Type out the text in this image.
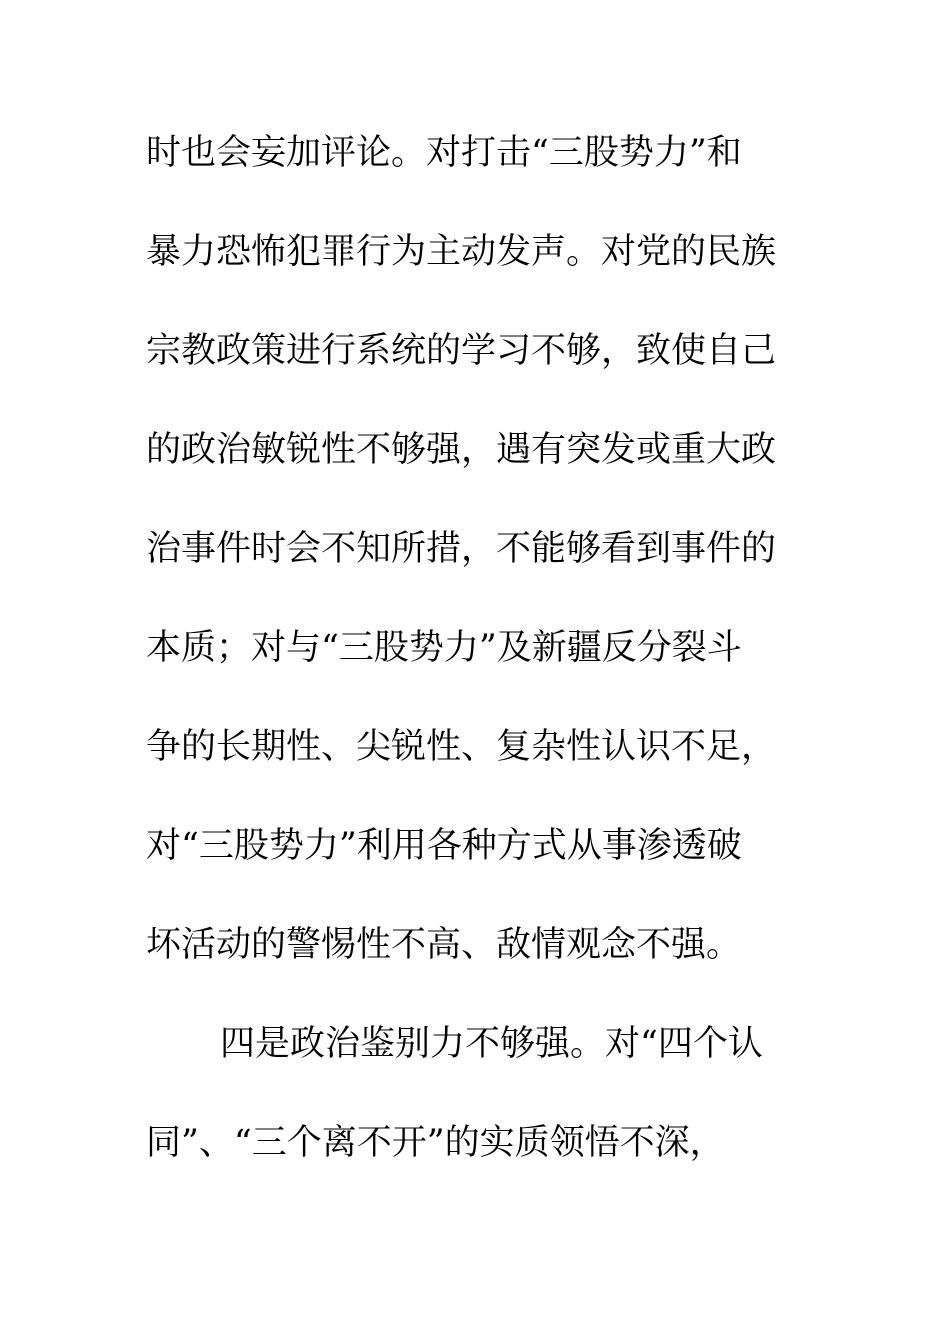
时也会妄加评论。对打击“三股势力”和
暴力恐怖犯罪行为主动发声。对党的民族
宗教政策进行系统的学习不够，致使自己
的政治敏锐性不够强，遇有突发或重大政
治事件时会不知所措，不能够看到事件的
本质；对与“三股势力”及新疆反分裂斗
争的长期性、尖锐性、复杂性认识不足，
对“三股势力”利用各种方式从事渗透破
坏活动的警惕性不高、敌情观念不强。
四是政治鉴别力不够强。对“四个认
同”、“三个离不开”的实质领悟不深，
